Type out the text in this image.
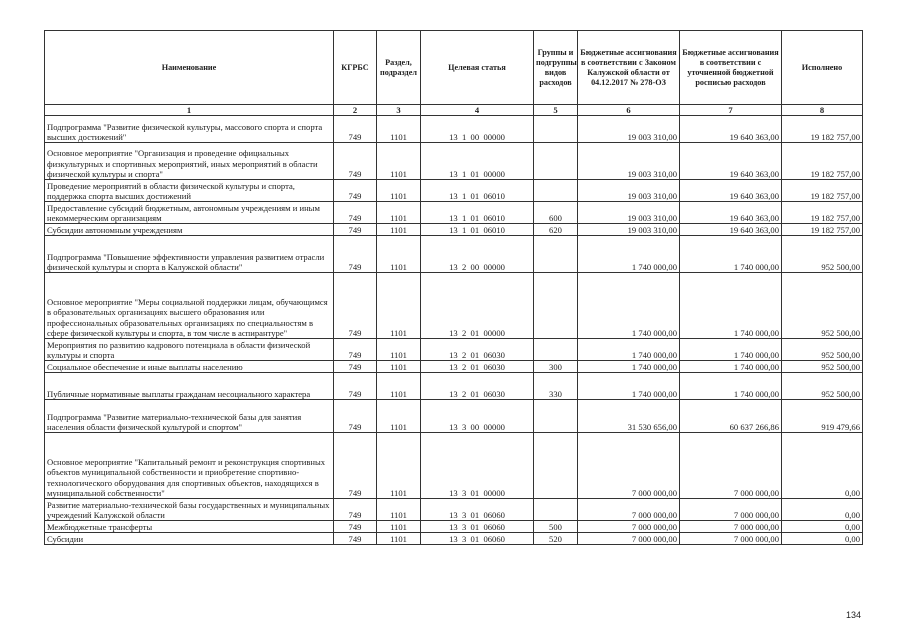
Наименование	КГРБС	Раздел, подраздел	Целевая статья	Группы и подгруппы видов расходов	Бюджетные ассигнования в соответствии с Законом Калужской области от 04.12.2017 № 278-ОЗ	Бюджетные ассигнования в соответствии с уточненной бюджетной росписью расходов	Исполнено
1	2	3	4	5	6	7	8
Подпрограмма "Развитие физической культуры, массового спорта и спорта высших достижений"	749	1101	13  1  00  00000		19 003 310,00	19 640 363,00	19 182 757,00
Основное мероприятие "Организация и проведение официальных физкультурных и спортивных мероприятий, иных мероприятий в области физической культуры и спорта"	749	1101	13  1  01  00000		19 003 310,00	19 640 363,00	19 182 757,00
Проведение мероприятий в области физической культуры и спорта, поддержка спорта высших достижений	749	1101	13  1  01  06010		19 003 310,00	19 640 363,00	19 182 757,00
Предоставление субсидий бюджетным, автономным учреждениям и иным некоммерческим организациям	749	1101	13  1  01  06010	600	19 003 310,00	19 640 363,00	19 182 757,00
Субсидии автономным учреждениям	749	1101	13  1  01  06010	620	19 003 310,00	19 640 363,00	19 182 757,00
Подпрограмма "Повышение эффективности управления развитием отрасли физической культуры и спорта в Калужской области"	749	1101	13  2  00  00000		1 740 000,00	1 740 000,00	952 500,00
Основное мероприятие "Меры социальной поддержки лицам, обучающимся в образовательных организациях высшего образования или профессиональных образовательных организациях по специальностям в сфере физической культуры и спорта, в том числе в аспирантуре"	749	1101	13  2  01  00000		1 740 000,00	1 740 000,00	952 500,00
Мероприятия по развитию кадрового потенциала в области физической культуры и спорта	749	1101	13  2  01  06030		1 740 000,00	1 740 000,00	952 500,00
Социальное обеспечение и иные выплаты населению	749	1101	13  2  01  06030	300	1 740 000,00	1 740 000,00	952 500,00
Публичные нормативные выплаты гражданам несоциального характера	749	1101	13  2  01  06030	330	1 740 000,00	1 740 000,00	952 500,00
Подпрограмма "Развитие материально-технической базы для занятия населения области физической культурой и спортом"	749	1101	13  3  00  00000		31 530 656,00	60 637 266,86	919 479,66
Основное мероприятие "Капитальный ремонт и реконструкция спортивных объектов муниципальной собственности и приобретение спортивно-технологического оборудования для спортивных объектов, находящихся в муниципальной собственности"	749	1101	13  3  01  00000		7 000 000,00	7 000 000,00	0,00
Развитие материально-технической базы государственных и муниципальных учреждений Калужской области	749	1101	13  3  01  06060		7 000 000,00	7 000 000,00	0,00
Межбюджетные трансферты	749	1101	13  3  01  06060	500	7 000 000,00	7 000 000,00	0,00
Субсидии	749	1101	13  3  01  06060	520	7 000 000,00	7 000 000,00	0,00
134
